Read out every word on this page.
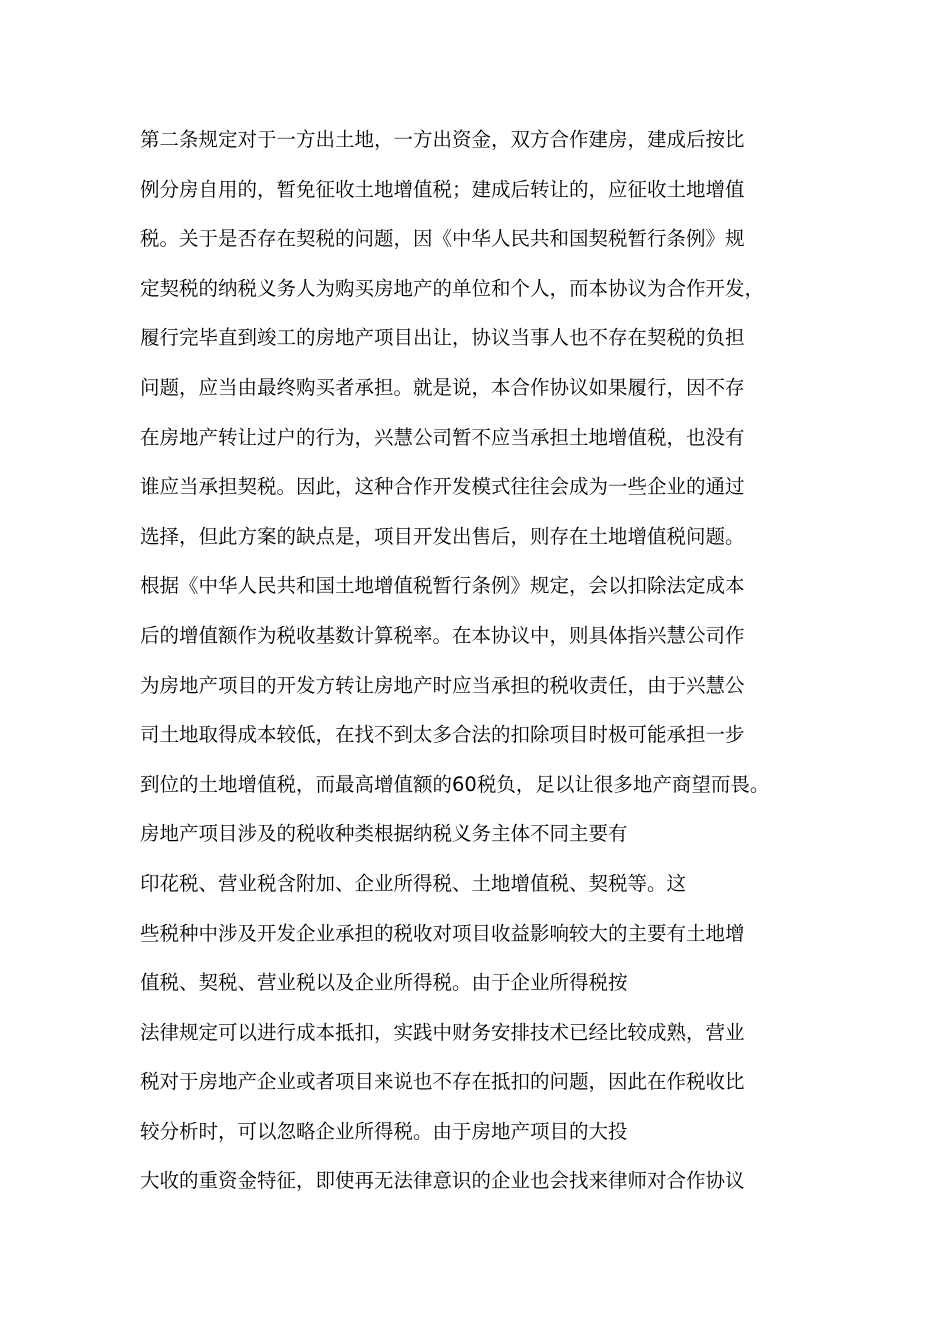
第二条规定对于一方出土地，一方出资金，双方合作建房，建成后按比
例分房自用的，暂免征收土地增值税；建成后转让的，应征收土地增值
税。关于是否存在契税的问题，因《中华人民共和国契税暂行条例》规
定契税的纳税义务人为购买房地产的单位和个人，而本协议为合作开发，
履行完毕直到竣工的房地产项目出让，协议当事人也不存在契税的负担
问题，应当由最终购买者承担。就是说，本合作协议如果履行，因不存
在房地产转让过户的行为，兴慧公司暂不应当承担土地增值税，也没有
谁应当承担契税。因此，这种合作开发模式往往会成为一些企业的通过
选择，但此方案的缺点是，项目开发出售后，则存在土地增值税问题。
根据《中华人民共和国土地增值税暂行条例》规定，会以扣除法定成本
后的增值额作为税收基数计算税率。在本协议中，则具体指兴慧公司作
为房地产项目的开发方转让房地产时应当承担的税收责任，由于兴慧公
司土地取得成本较低，在找不到太多合法的扣除项目时极可能承担一步
到位的土地增值税，而最高增值额的60税负，足以让很多地产商望而畏。
房地产项目涉及的税收种类根据纳税义务主体不同主要有
印花税、营业税含附加、企业所得税、土地增值税、契税等。这
些税种中涉及开发企业承担的税收对项目收益影响较大的主要有土地增
值税、契税、营业税以及企业所得税。由于企业所得税按
法律规定可以进行成本抵扣，实践中财务安排技术已经比较成熟，营业
税对于房地产企业或者项目来说也不存在抵扣的问题，因此在作税收比
较分析时，可以忽略企业所得税。由于房地产项目的大投
大收的重资金特征，即使再无法律意识的企业也会找来律师对合作协议
